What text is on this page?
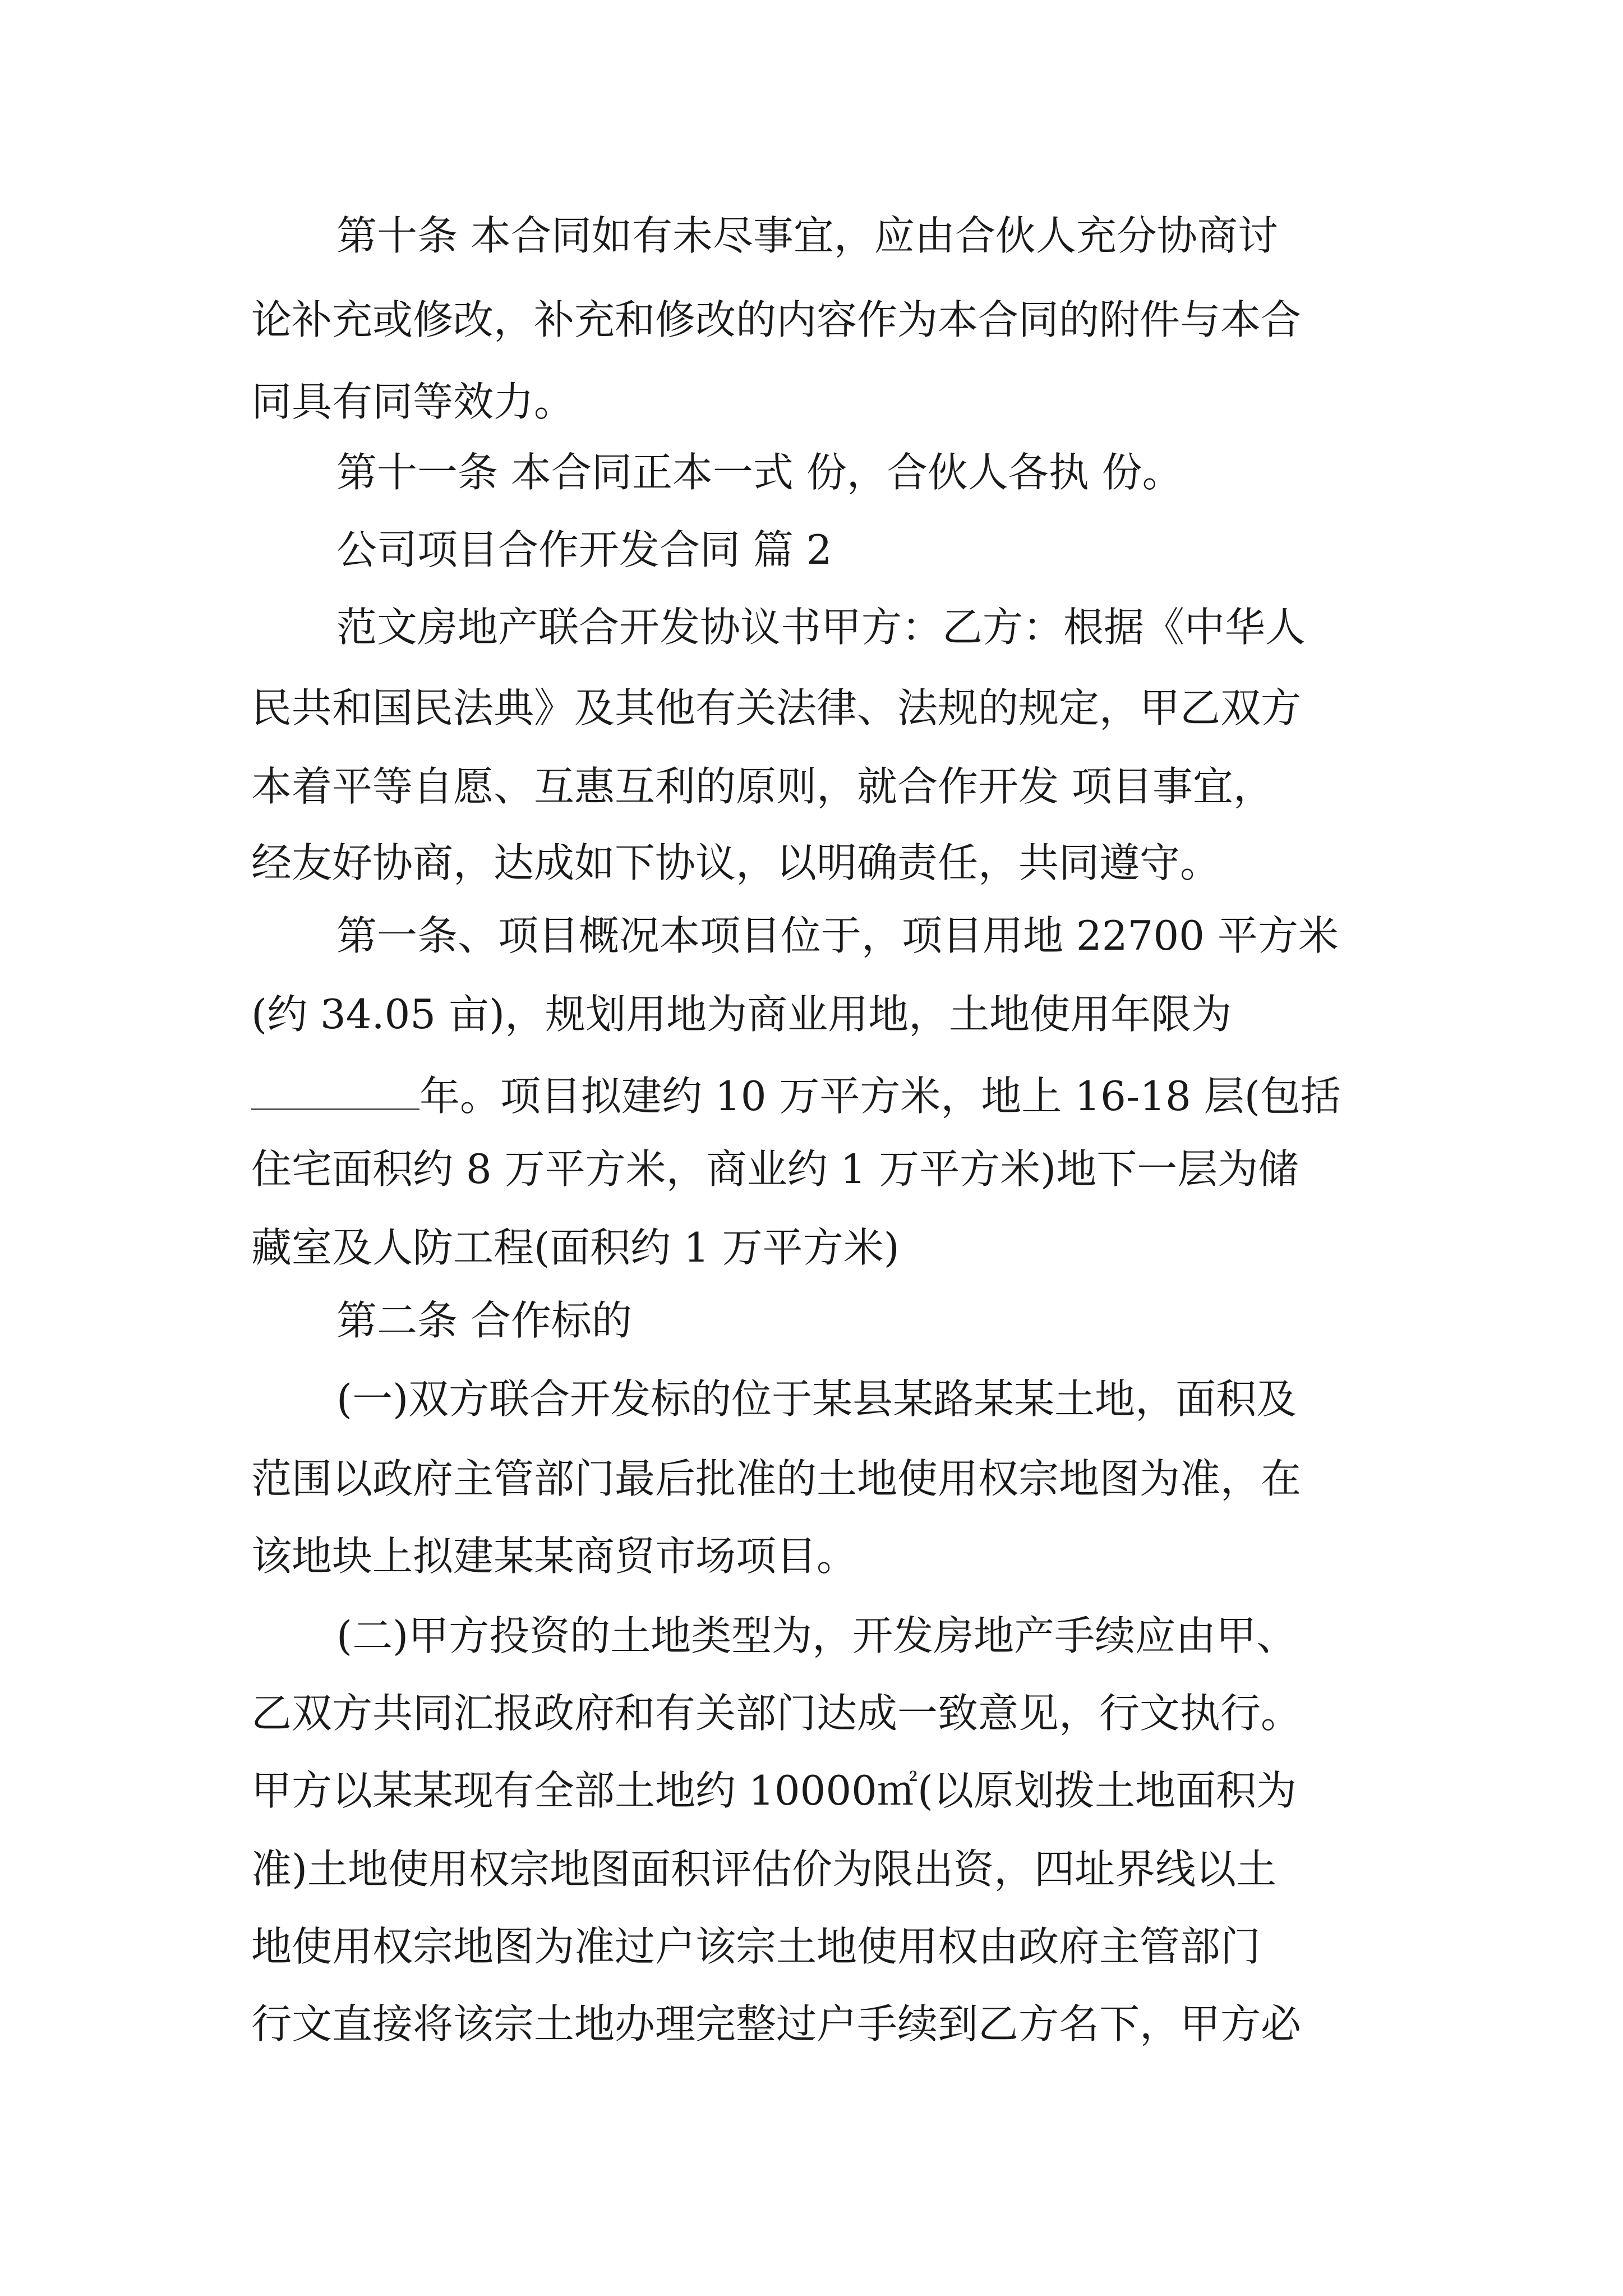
第十条 本合同如有未尽事宜，应由合伙人充分协商讨
论补充或修改，补充和修改的内容作为本合同的附件与本合
同具有同等效力。
第十一条 本合同正本一式 份，合伙人各执 份。
公司项目合作开发合同 篇 2
范文房地产联合开发协议书甲方：乙方：根据《中华人
民共和国民法典》及其他有关法律、法规的规定，甲乙双方
本着平等自愿、互惠互利的原则，就合作开发 项目事宜，
经友好协商，达成如下协议，以明确责任，共同遵守。
第一条、项目概况本项目位于，项目用地 22700 平方米
(约 34.05 亩)，规划用地为商业用地，土地使用年限为
年。项目拟建约 10 万平方米，地上 16-18 层(包括
住宅面积约 8 万平方米，商业约 1 万平方米)地下一层为储
藏室及人防工程(面积约 1 万平方米)
第二条 合作标的
(一)双方联合开发标的位于某县某路某某土地，面积及
范围以政府主管部门最后批准的土地使用权宗地图为准，在
该地块上拟建某某商贸市场项目。
(二)甲方投资的土地类型为，开发房地产手续应由甲、
乙双方共同汇报政府和有关部门达成一致意见，行文执行。
甲方以某某现有全部土地约 10000㎡(以原划拨土地面积为
准)土地使用权宗地图面积评估价为限出资，四址界线以土
地使用权宗地图为准过户该宗土地使用权由政府主管部门
行文直接将该宗土地办理完整过户手续到乙方名下，甲方必
